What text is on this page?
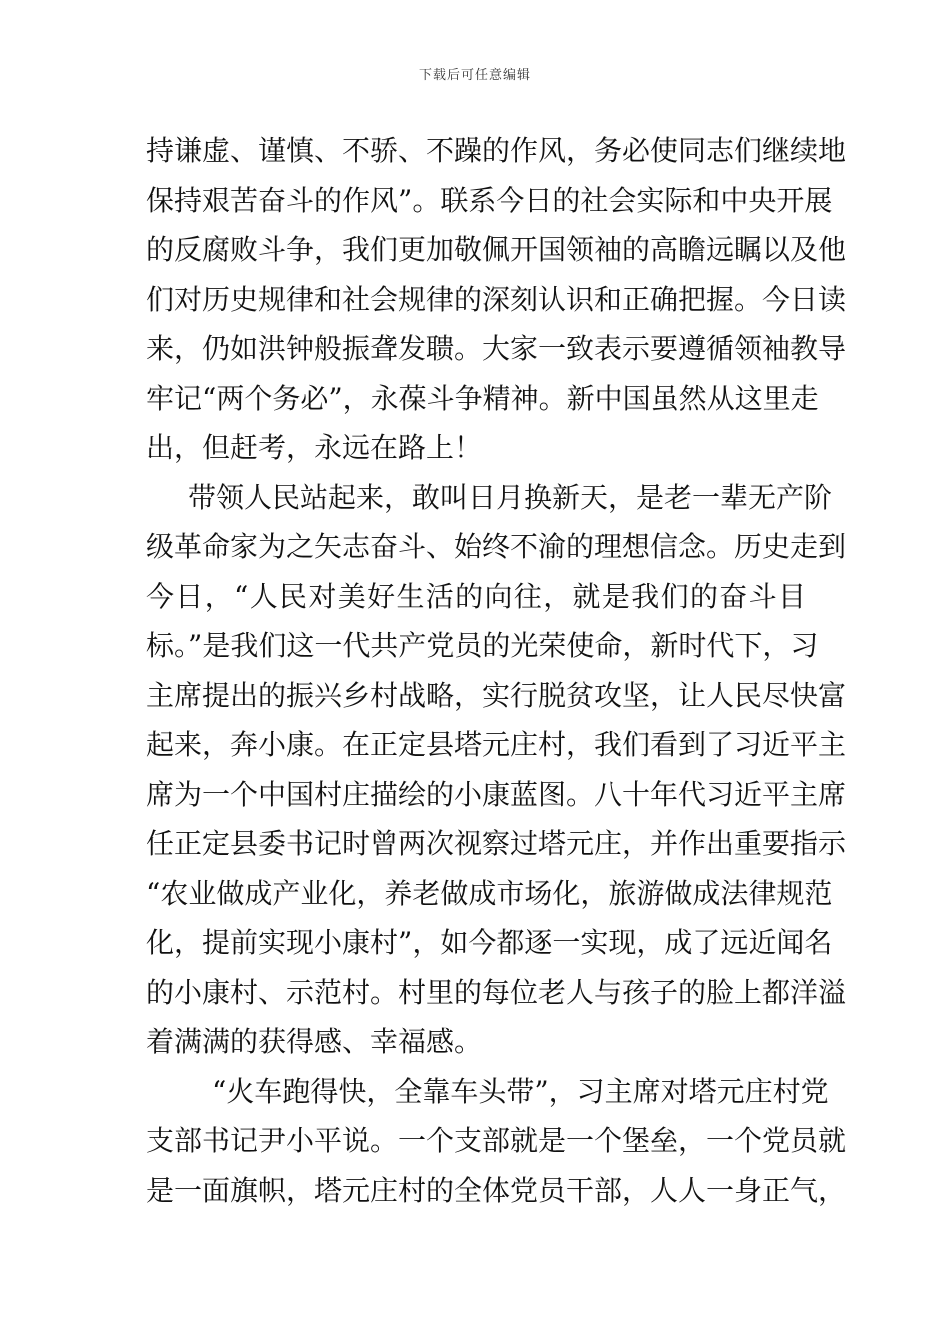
下载后可任意编辑
持谦虚、谨慎、不骄、不躁的作风，务必使同志们继续地
保持艰苦奋斗的作风”。联系今日的社会实际和中央开展
的反腐败斗争，我们更加敬佩开国领袖的高瞻远瞩以及他
们对历史规律和社会规律的深刻认识和正确把握。今日读
来，仍如洪钟般振聋发聩。大家一致表示要遵循领袖教导
牢记“两个务必”，永葆斗争精神。新中国虽然从这里走
出，但赶考，永远在路上！
带领人民站起来，敢叫日月换新天，是老一辈无产阶
级革命家为之矢志奋斗、始终不渝的理想信念。历史走到
今日，“人民对美好生活的向往，就是我们的奋斗目
标。”是我们这一代共产党员的光荣使命，新时代下，习
主席提出的振兴乡村战略，实行脱贫攻坚，让人民尽快富
起来，奔小康。在正定县塔元庄村，我们看到了习近平主
席为一个中国村庄描绘的小康蓝图。八十年代习近平主席
任正定县委书记时曾两次视察过塔元庄，并作出重要指示
“农业做成产业化，养老做成市场化，旅游做成法律规范
化，提前实现小康村”，如今都逐一实现，成了远近闻名
的小康村、示范村。村里的每位老人与孩子的脸上都洋溢
着满满的获得感、幸福感。
“火车跑得快，全靠车头带”，习主席对塔元庄村党
支部书记尹小平说。一个支部就是一个堡垒，一个党员就
是一面旗帜，塔元庄村的全体党员干部，人人一身正气，
